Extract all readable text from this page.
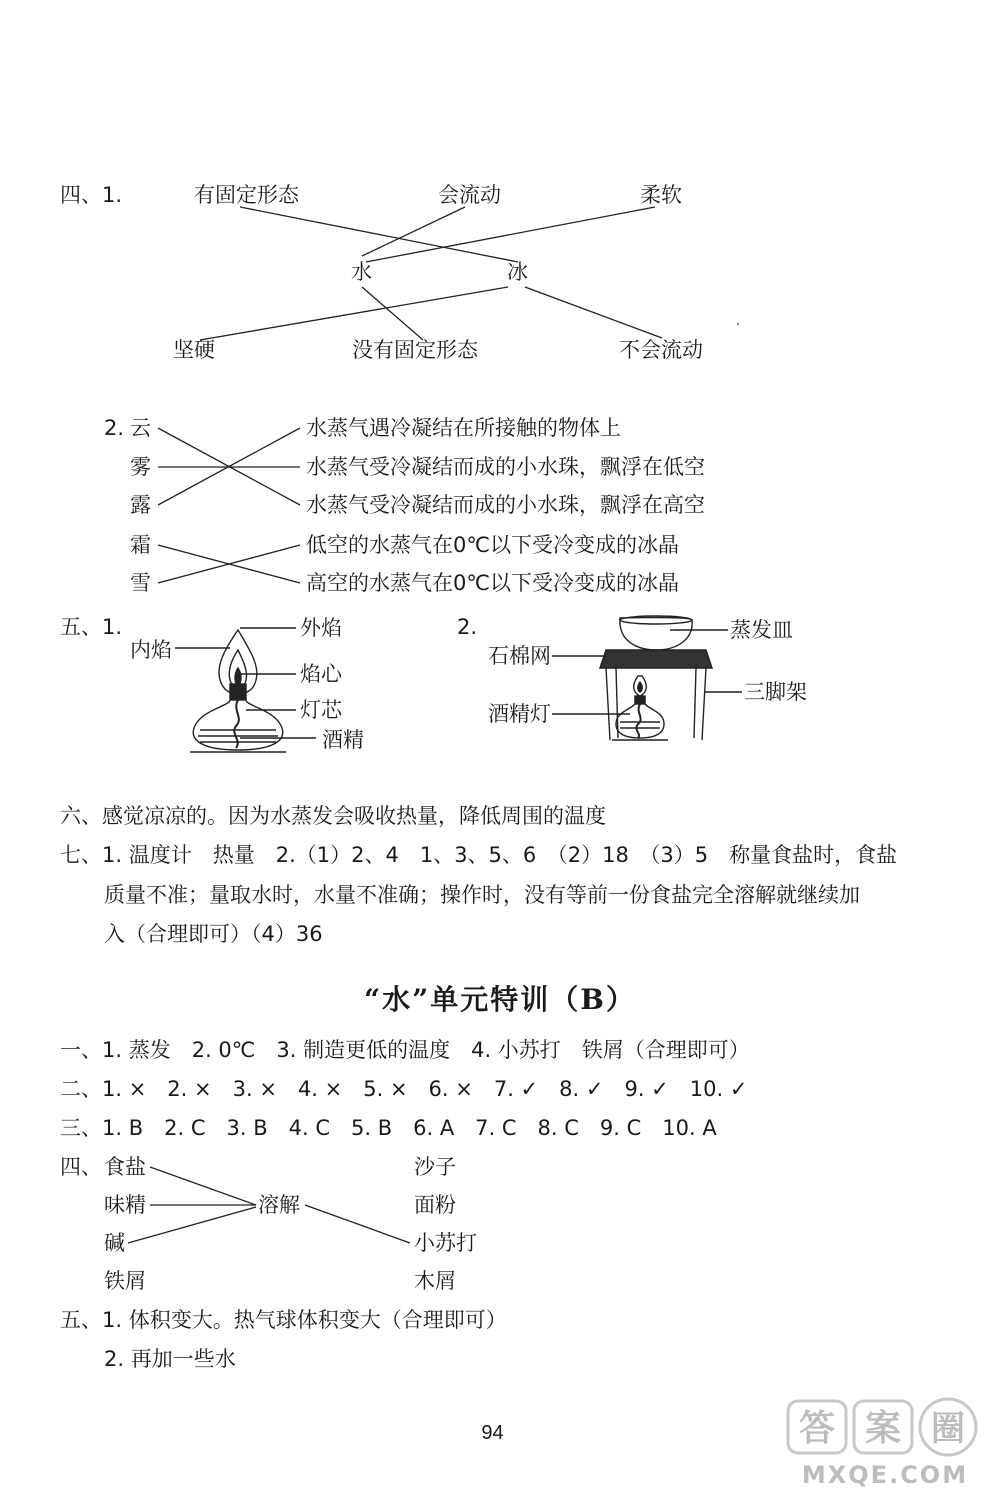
四、1.	有固定形态	会流动	柔软
水	冰
坚硬	没有固定形态	不会流动
2. 云
雾
露
霜
雪
水蒸气遇冷凝结在所接触的物体上
水蒸气受冷凝结而成的小水珠，飘浮在低空
水蒸气受冷凝结而成的小水珠，飘浮在高空
低空的水蒸气在0℃以下受冷变成的冰晶
高空的水蒸气在0℃以下受冷变成的冰晶
五、1.	外焰
内焰
焰心
灯芯
酒精
2.	蒸发皿
石棉网
三脚架
酒精灯
六、感觉凉凉的。因为水蒸发会吸收热量，降低周围的温度
七、1. 温度计　热量　2.（1）2、4　1、3、5、6　（2）18　（3）5　称量食盐时，食盐
质量不准；量取水时，水量不准确；操作时，没有等前一份食盐完全溶解就继续加
入（合理即可）（4）36
“水”单元特训（B）
一、1. 蒸发　2. 0℃　3. 制造更低的温度　4. 小苏打　铁屑（合理即可）
二、1. ×　2. ×　3. ×　4. ×　5. ×　6. ×　7. ✓　8. ✓　9. ✓　10. ✓
三、1. B　2. C　3. B　4. C　5. B　6. A　7. C　8. C　9. C　10. A
四、 食盐
味精
碱
铁屑
溶解
沙子
面粉
小苏打
木屑
五、1. 体积变大。热气球体积变大（合理即可）
2. 再加一些水
94	答 案 圈
MXQE.COM
